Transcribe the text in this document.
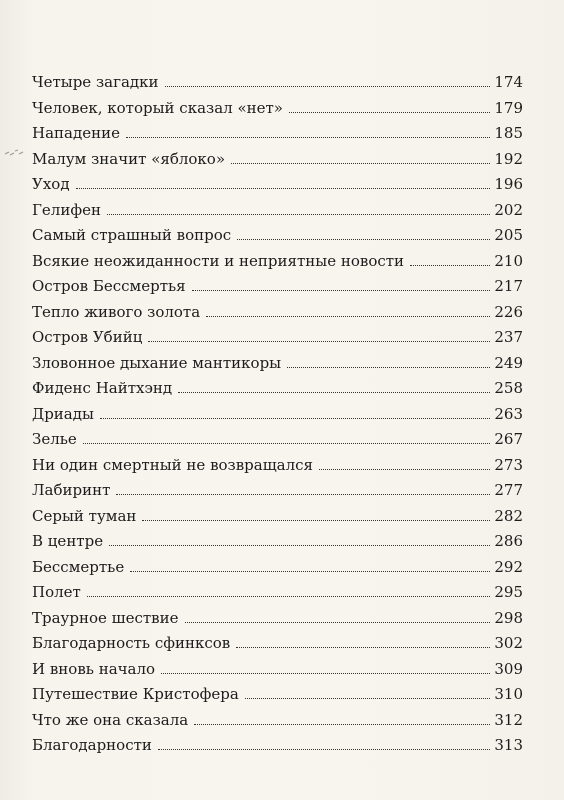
Четыре загадки	174
Человек, который сказал «нет»	179
Нападение	185
Малум значит «яблоко»	192
Уход	196
Гелифен	202
Самый страшный вопрос	205
Всякие неожиданности и неприятные новости	210
Остров Бессмертья	217
Тепло живого золота	226
Остров Убийц	237
Зловонное дыхание мантикоры	249
Фиденс Найтхэнд	258
Дриады	263
Зелье	267
Ни один смертный не возвращался	273
Лабиринт	277
Серый туман	282
В центре	286
Бессмертье	292
Полет	295
Траурное шествие	298
Благодарность сфинксов	302
И вновь начало	309
Путешествие Кристофера	310
Что же она сказала	312
Благодарности	313
